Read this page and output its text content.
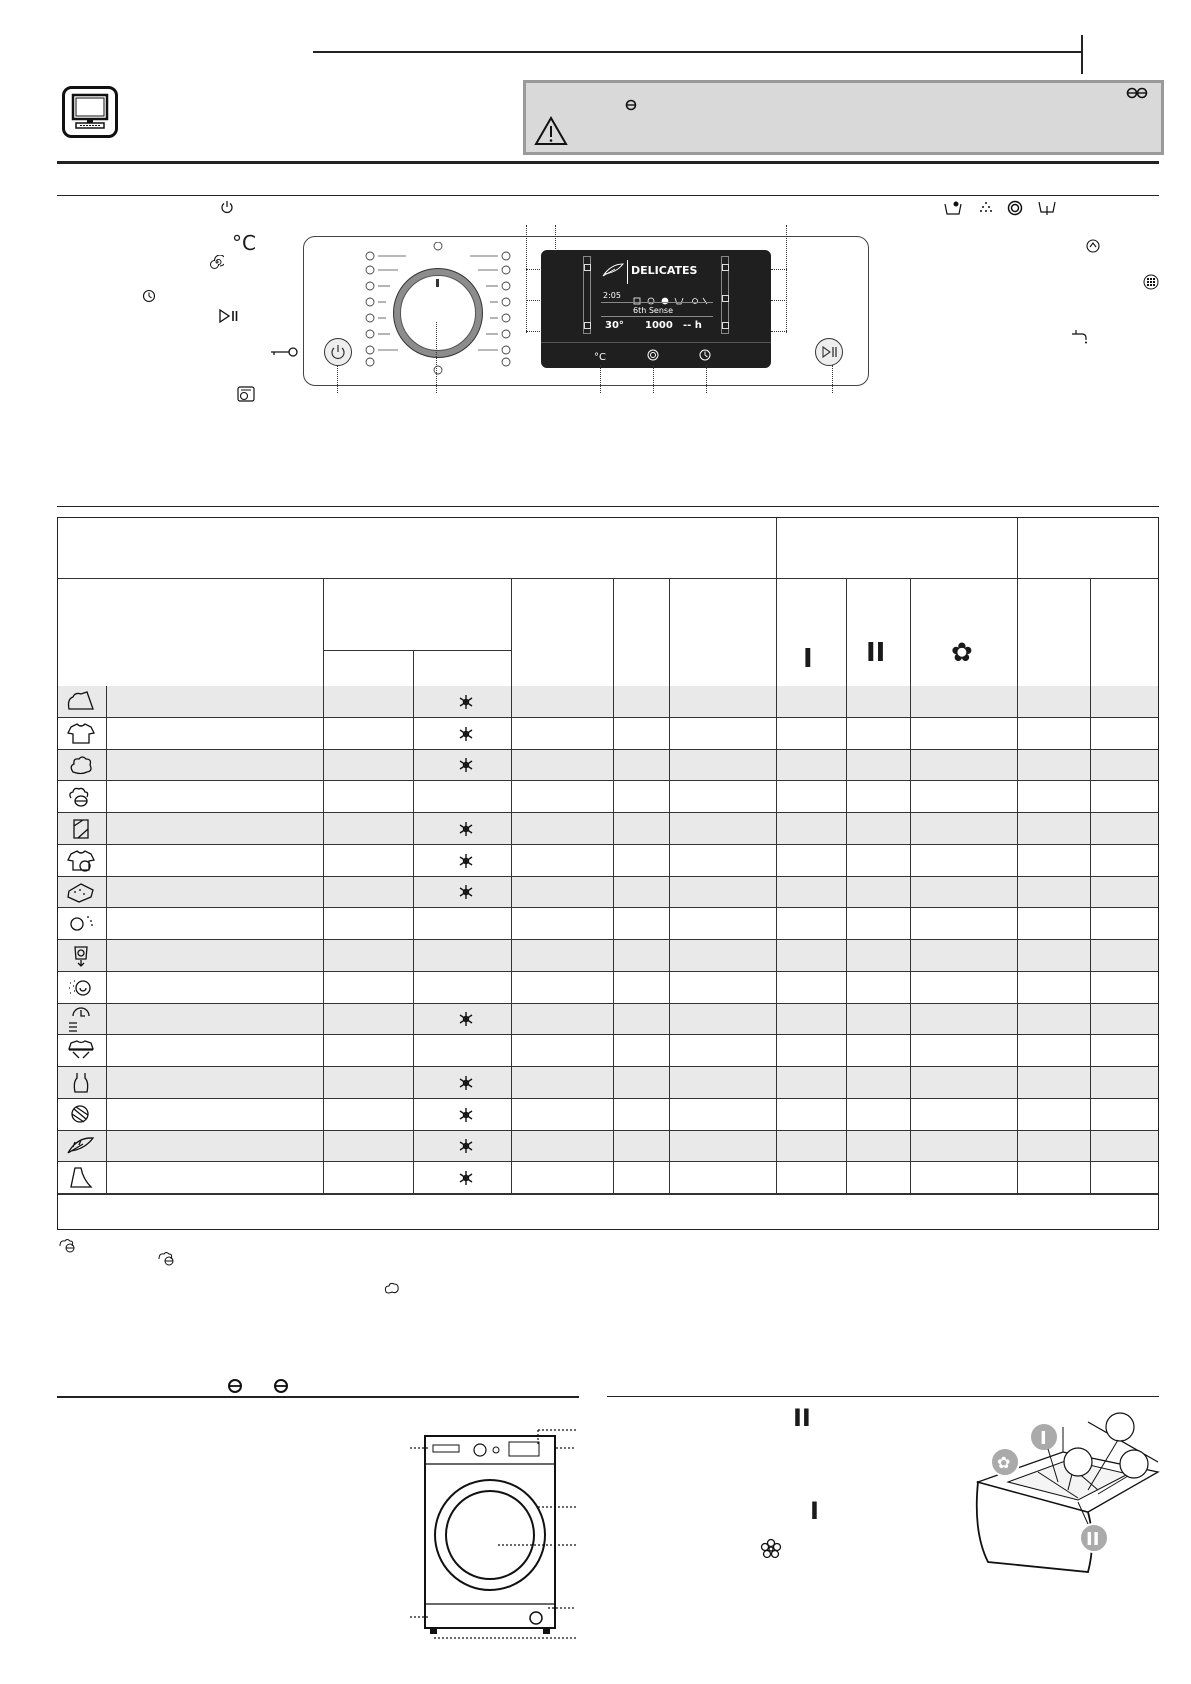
°C
DELICATES
2:05
6th Sense
30° 1000 -- h
°C
I II	✿
II
I
✿
I
II
